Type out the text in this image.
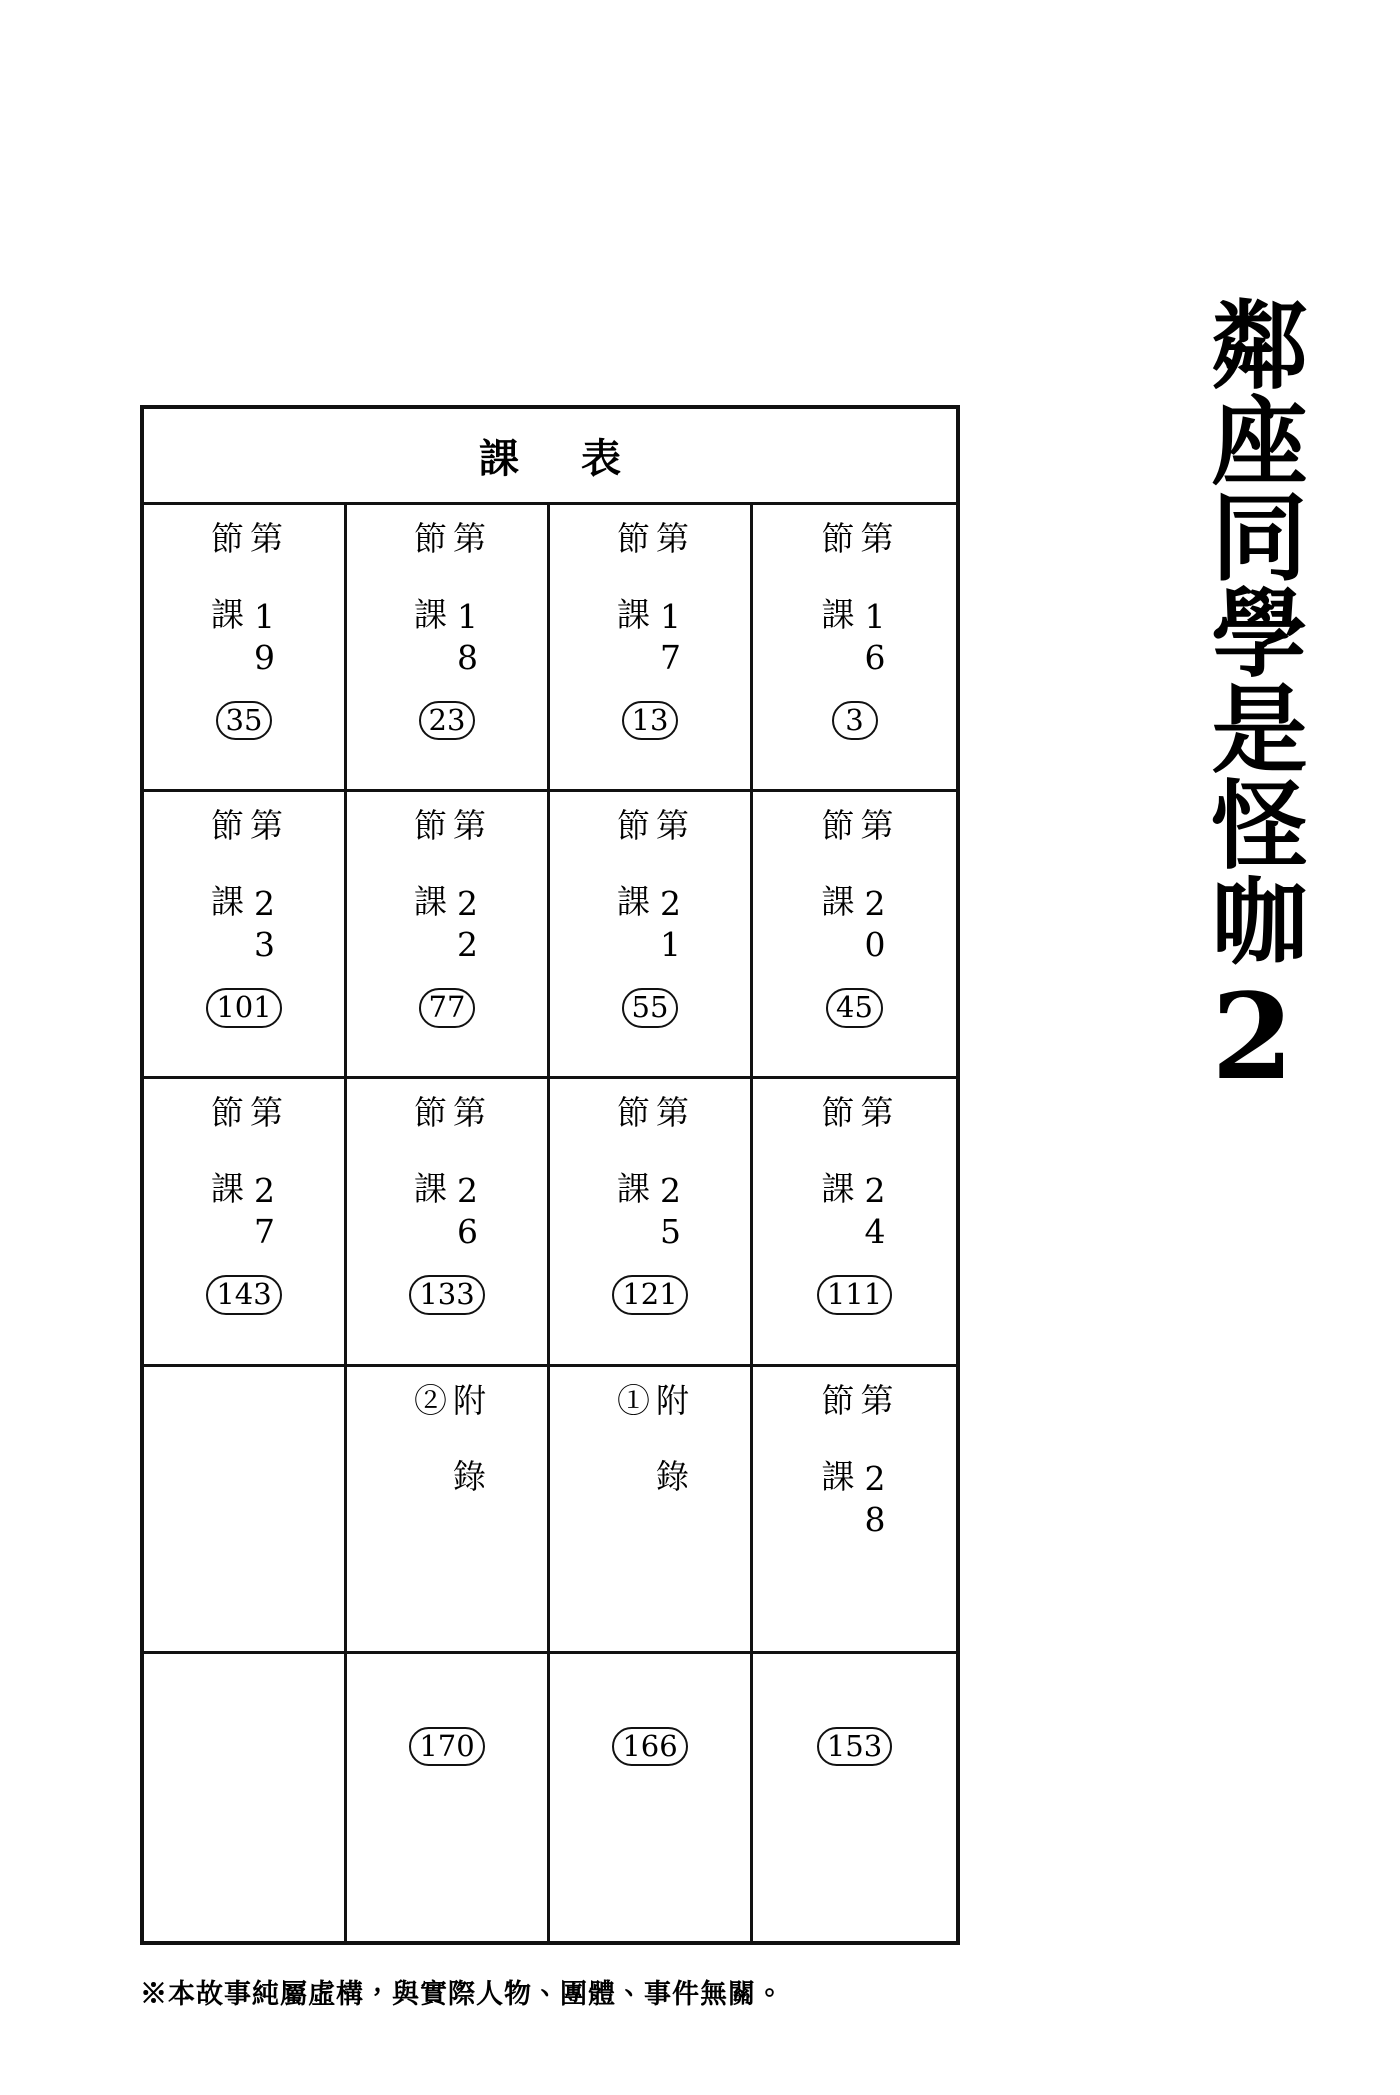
鄰座同學是怪咖2
課 表
第 19 節 課
35
第 18 節 課
23
第 17 節 課
13
第 16 節 課
3
第 23 節 課
101
第 22 節 課
77
第 21 節 課
55
第 20 節 課
45
第 27 節 課
143
第 26 節 課
133
第 25 節 課
121
第 24 節 課
111
附 錄 ②
170
附 錄 ①
166
第 28 節 課
153
※本故事純屬虛構，與實際人物、團體、事件無關。
